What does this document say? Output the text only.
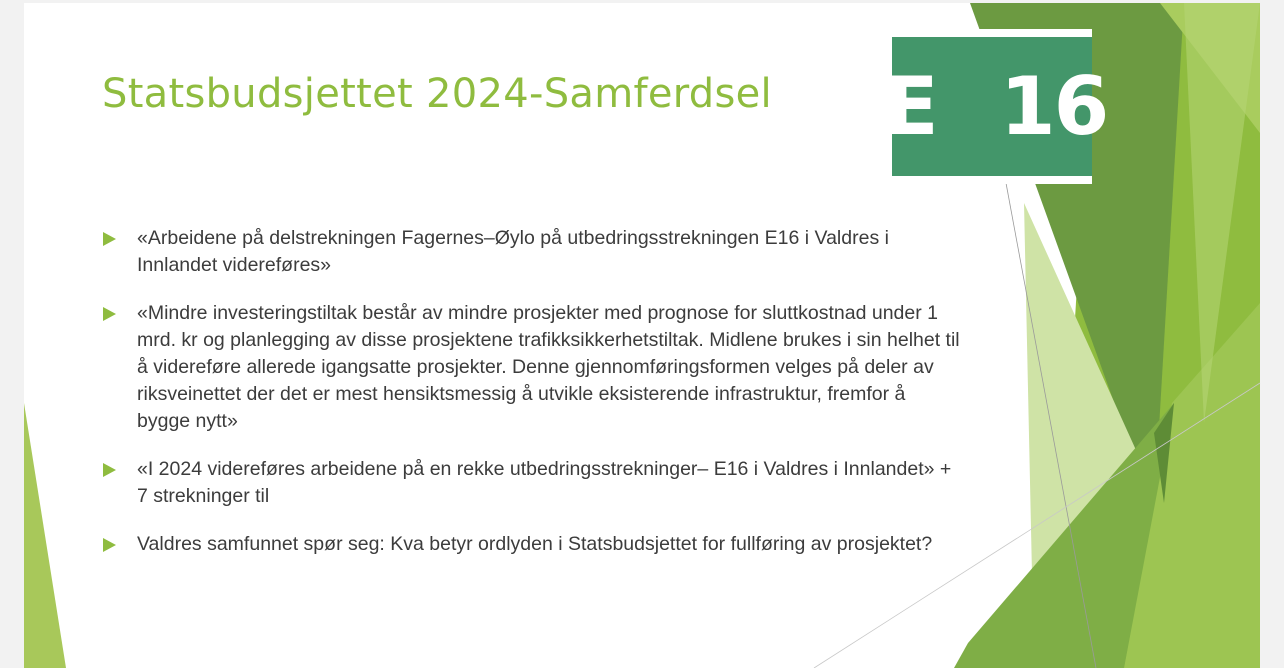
Statsbudsjettet 2024-Samferdsel E 16
«Arbeidene på delstrekningen Fagernes–Øylo på utbedringsstrekningen E16 i Valdres i Innlandet videreføres»
«Mindre investeringstiltak består av mindre prosjekter med prognose for sluttkostnad under 1 mrd. kr og planlegging av disse prosjektene trafikksikkerhetstiltak. Midlene brukes i sin helhet til å videreføre allerede igangsatte prosjekter. Denne gjennomføringsformen velges på deler av riksveinettet der det er mest hensiktsmessig å utvikle eksisterende infrastruktur, fremfor å bygge nytt»
«I 2024 videreføres arbeidene på en rekke utbedringsstrekninger– E16 i Valdres i Innlandet» + 7 strekninger til
Valdres samfunnet spør seg: Kva betyr ordlyden i Statsbudsjettet for fullføring av prosjektet?
